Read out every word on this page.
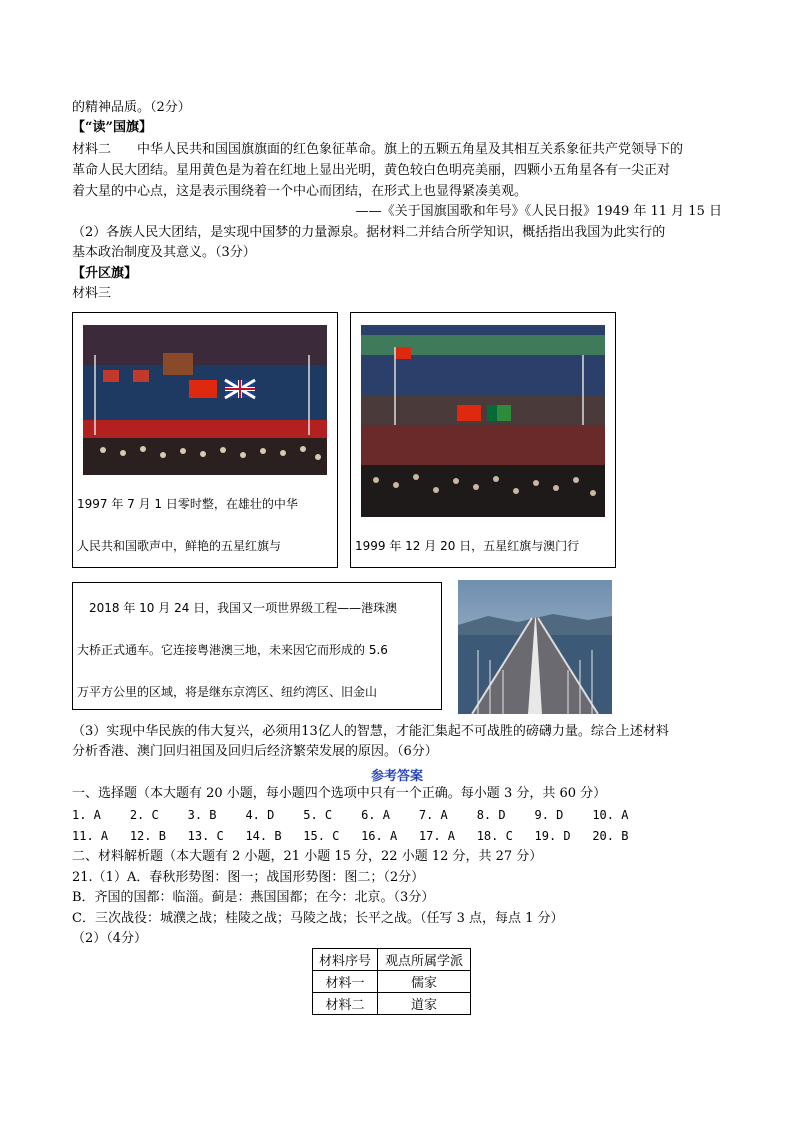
的精神品质。（2分）
【“读”国旗】
材料二　　中华人民共和国国旗旗面的红色象征革命。旗上的五颗五角星及其相互关系象征共产党领导下的
革命人民大团结。星用黄色是为着在红地上显出光明，黄色较白色明亮美丽，四颗小五角星各有一尖正对
着大星的中心点，这是表示围绕着一个中心而团结，在形式上也显得紧凑美观。
——《关于国旗国歌和年号》《人民日报》1949 年 11 月 15 日
（2）各族人民大团结，是实现中国梦的力量源泉。据材料二并结合所学知识，概括指出我国为此实行的
基本政治制度及其意义。（3分）
【升区旗】
材料三
1997 年 7 月 1 日零时整，在雄壮的中华
人民共和国歌声中，鲜艳的五星红旗与	1999 年 12 月 20 日，五星红旗与澳门行
2018 年 10 月 24 日，我国又一项世界级工程——港珠澳
大桥正式通车。它连接粤港澳三地，未来因它而形成的 5.6
万平方公里的区域，将是继东京湾区、纽约湾区、旧金山
（3）实现中华民族的伟大复兴，必须用13亿人的智慧，才能汇集起不可战胜的磅礴力量。综合上述材料
分析香港、澳门回归祖国及回归后经济繁荣发展的原因。（6分）
参考答案
一、选择题（本大题有 20 小题，每小题四个选项中只有一个正确。每小题 3 分，共 60 分）
1. A 2. C 3. B 4. D 5. C 6. A 7. A 8. D 9. D 10. A
11. A 12. B 13. C 14. B 15. C 16. A 17. A 18. C 19. D 20. B
二、材料解析题（本大题有 2 小题，21 小题 15 分，22 小题 12 分，共 27 分）
21.（1）A．春秋形势图：图一；战国形势图：图二；（2分）
B．齐国的国都：临淄。蓟是：燕国国都；在今：北京。（3分）
C．三次战役：城濮之战；桂陵之战；马陵之战；长平之战。（任写 3 点，每点 1 分）
（2）（4分）
材料序号	观点所属学派
材料一	儒家
材料二	道家
